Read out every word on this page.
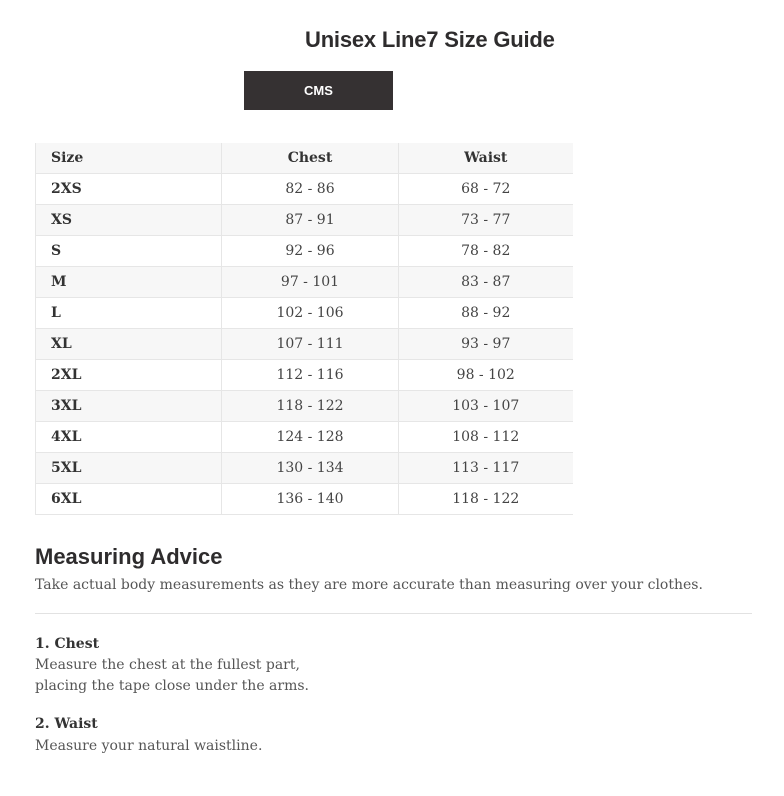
Unisex Line7 Size Guide
CMS
Size	Chest	Waist
2XS	82 - 86	68 - 72
XS	87 - 91	73 - 77
S	92 - 96	78 - 82
M	97 - 101	83 - 87
L	102 - 106	88 - 92
XL	107 - 111	93 - 97
2XL	112 - 116	98 - 102
3XL	118 - 122	103 - 107
4XL	124 - 128	108 - 112
5XL	130 - 134	113 - 117
6XL	136 - 140	118 - 122
Measuring Advice
Take actual body measurements as they are more accurate than measuring over your clothes.
1. Chest
Measure the chest at the fullest part, placing the tape close under the arms.
2. Waist
Measure your natural waistline.
